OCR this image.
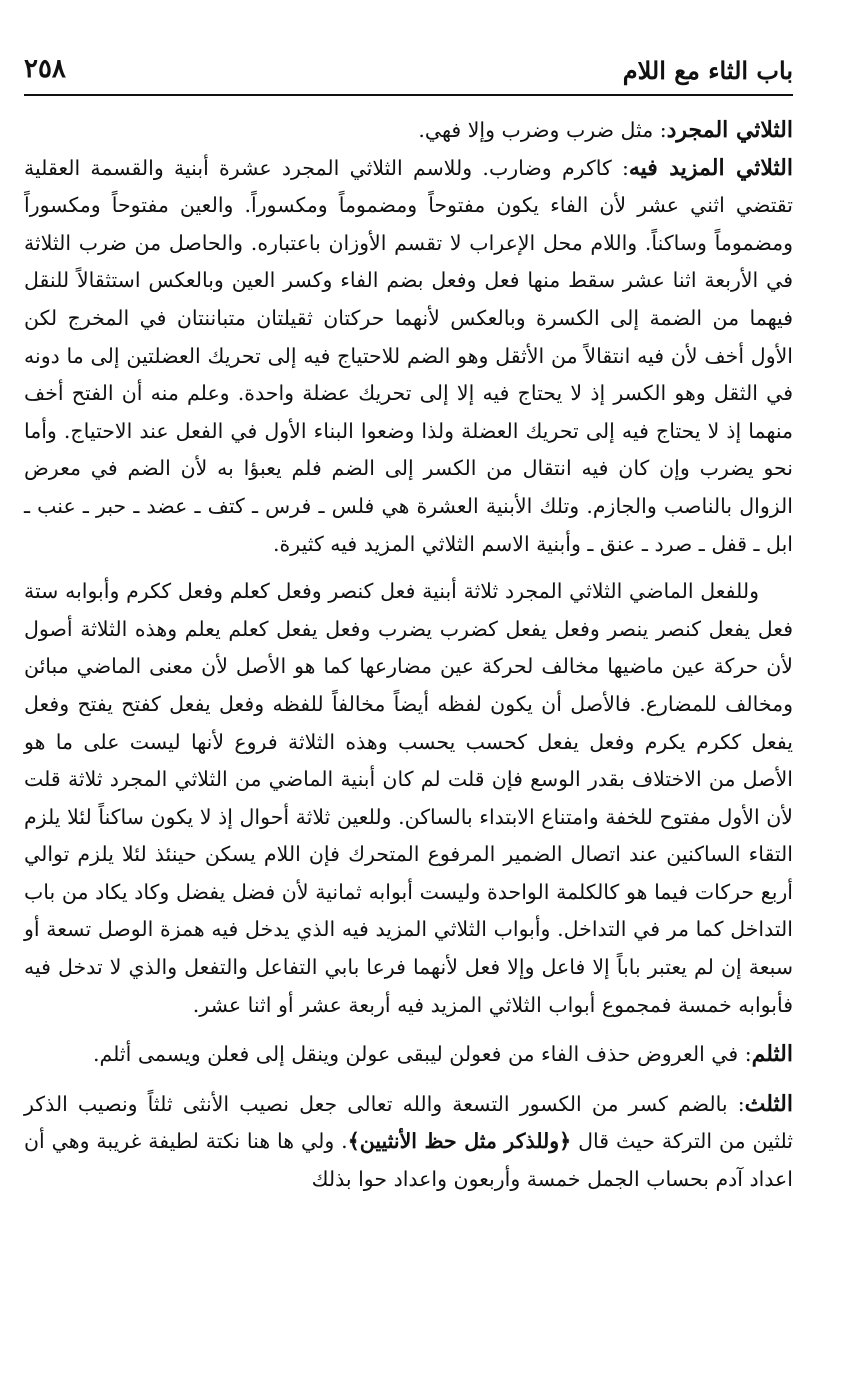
باب الثاء مع اللام
٢٥٨

الثلاثي المجرد: مثل ضرب وضرب وإلا فهي.

الثلاثي المزيد فيه: كاكرم وضارب. وللاسم الثلاثي المجرد عشرة أبنية والقسمة العقلية تقتضي اثني عشر لأن الفاء يكون مفتوحاً ومضموماً ومكسوراً. والعين مفتوحاً ومكسوراً ومضموماً وساكناً. واللام محل الإعراب لا تقسم الأوزان باعتباره. والحاصل من ضرب الثلاثة في الأربعة اثنا عشر سقط منها فعل وفعل بضم الفاء وكسر العين وبالعكس استثقالاً للنقل فيهما من الضمة إلى الكسرة وبالعكس لأنهما حركتان ثقيلتان متباننتان في المخرج لكن الأول أخف لأن فيه انتقالاً من الأثقل وهو الضم للاحتياج فيه إلى تحريك العضلتين إلى ما دونه في الثقل وهو الكسر إذ لا يحتاج فيه إلا إلى تحريك عضلة واحدة. وعلم منه أن الفتح أخف منهما إذ لا يحتاج فيه إلى تحريك العضلة ولذا وضعوا البناء الأول في الفعل عند الاحتياج. وأما نحو يضرب وإن كان فيه انتقال من الكسر إلى الضم فلم يعبؤا به لأن الضم في معرض الزوال بالناصب والجازم. وتلك الأبنية العشرة هي فلس ـ فرس ـ كتف ـ عضد ـ حبر ـ عنب ـ ابل ـ قفل ـ صرد ـ عنق ـ وأبنية الاسم الثلاثي المزيد فيه كثيرة.

وللفعل الماضي الثلاثي المجرد ثلاثة أبنية فعل كنصر وفعل كعلم وفعل ككرم وأبوابه ستة فعل يفعل كنصر ينصر وفعل يفعل كضرب يضرب وفعل يفعل كعلم يعلم وهذه الثلاثة أصول لأن حركة عين ماضيها مخالف لحركة عين مضارعها كما هو الأصل لأن معنى الماضي مبائن ومخالف للمضارع. فالأصل أن يكون لفظه أيضاً مخالفاً للفظه وفعل يفعل كفتح يفتح وفعل يفعل ككرم يكرم وفعل يفعل كحسب يحسب وهذه الثلاثة فروع لأنها ليست على ما هو الأصل من الاختلاف بقدر الوسع فإن قلت لم كان أبنية الماضي من الثلاثي المجرد ثلاثة قلت لأن الأول مفتوح للخفة وامتناع الابتداء بالساكن. وللعين ثلاثة أحوال إذ لا يكون ساكناً لئلا يلزم التقاء الساكنين عند اتصال الضمير المرفوع المتحرك فإن اللام يسكن حينئذ لئلا يلزم توالي أربع حركات فيما هو كالكلمة الواحدة وليست أبوابه ثمانية لأن فضل يفضل وكاد يكاد من باب التداخل كما مر في التداخل. وأبواب الثلاثي المزيد فيه الذي يدخل فيه همزة الوصل تسعة أو سبعة إن لم يعتبر باباً إلا فاعل وإلا فعل لأنهما فرعا بابي التفاعل والتفعل والذي لا تدخل فيه فأبوابه خمسة فمجموع أبواب الثلاثي المزيد فيه أربعة عشر أو اثنا عشر.

الثلم: في العروض حذف الفاء من فعولن ليبقى عولن وينقل إلى فعلن ويسمى أثلم.

الثلث: بالضم كسر من الكسور التسعة والله تعالى جعل نصيب الأنثى ثلثاً ونصيب الذكر ثلثين من التركة حيث قال ﴿وللذكر مثل حظ الأنثيين﴾. ولي ها هنا نكتة لطيفة غريبة وهي أن اعداد آدم بحساب الجمل خمسة وأربعون واعداد حوا بذلك
